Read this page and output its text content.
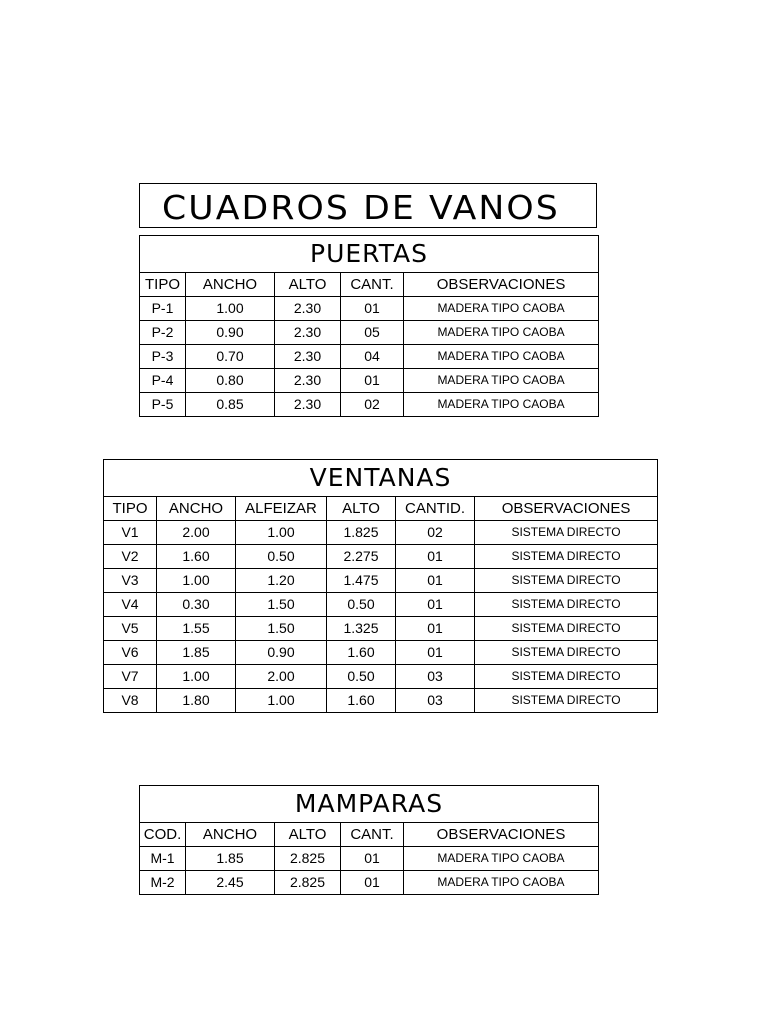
CUADROS DE VANOS
PUERTAS				
TIPO	ANCHO	ALTO	CANT.	OBSERVACIONES
P-1	1.00	2.30	01	MADERA TIPO CAOBA
P-2	0.90	2.30	05	MADERA TIPO CAOBA
P-3	0.70	2.30	04	MADERA TIPO CAOBA
P-4	0.80	2.30	01	MADERA TIPO CAOBA
P-5	0.85	2.30	02	MADERA TIPO CAOBA
VENTANAS					
TIPO	ANCHO	ALFEIZAR	ALTO	CANTID.	OBSERVACIONES
V1	2.00	1.00	1.825	02	SISTEMA DIRECTO
V2	1.60	0.50	2.275	01	SISTEMA DIRECTO
V3	1.00	1.20	1.475	01	SISTEMA DIRECTO
V4	0.30	1.50	0.50	01	SISTEMA DIRECTO
V5	1.55	1.50	1.325	01	SISTEMA DIRECTO
V6	1.85	0.90	1.60	01	SISTEMA DIRECTO
V7	1.00	2.00	0.50	03	SISTEMA DIRECTO
V8	1.80	1.00	1.60	03	SISTEMA DIRECTO
MAMPARAS				
COD.	ANCHO	ALTO	CANT.	OBSERVACIONES
M-1	1.85	2.825	01	MADERA TIPO CAOBA
M-2	2.45	2.825	01	MADERA TIPO CAOBA
